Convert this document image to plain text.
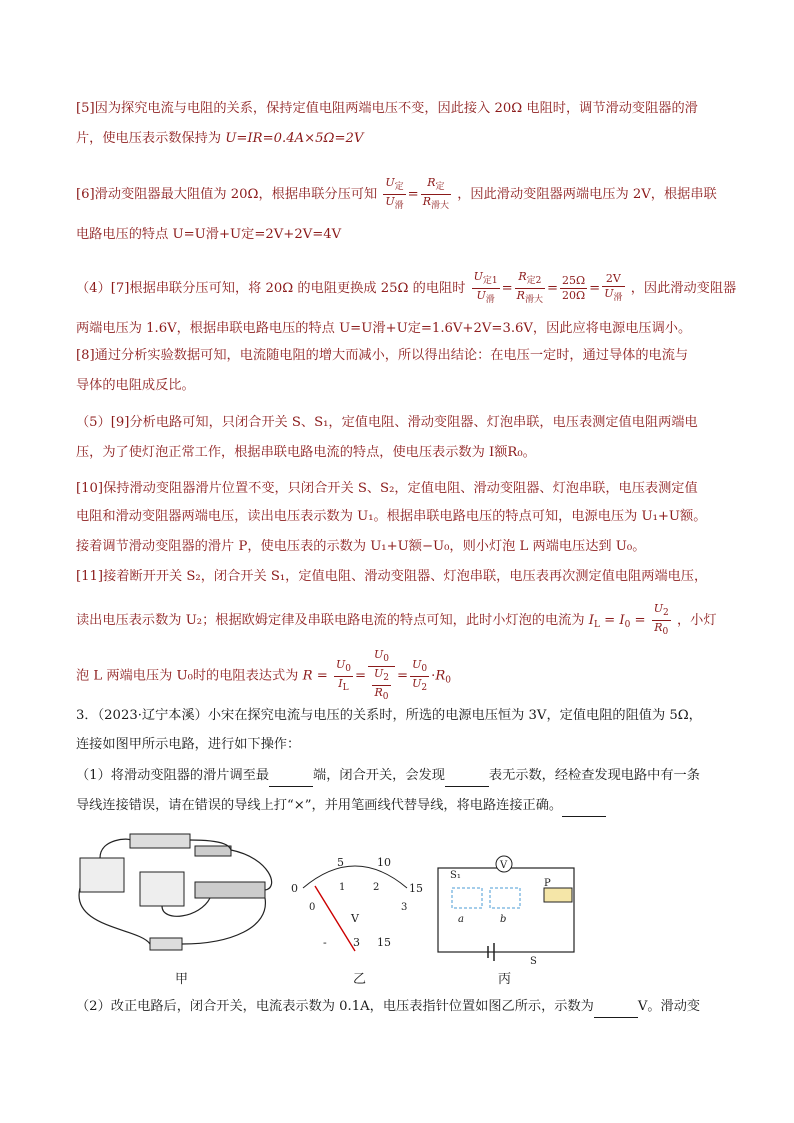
[5]因为探究电流与电阻的关系，保持定值电阻两端电压不变，因此接入 20Ω 电阻时，调节滑动变阻器的滑
片，使电压表示数保持为 U=IR=0.4A×5Ω=2V
[6]滑动变阻器最大阻值为 20Ω，根据串联分压可知 $\frac{U_定}{U_滑} = \frac{R_定}{R_{滑大}}$ ，因此滑动变阻器两端电压为 2V，根据串联
电路电压的特点 U=U滑+U定=2V+2V=4V
（4）[7]根据串联分压可知，将 20Ω 的电阻更换成 25Ω 的电阻时 $\frac{U_{定1}}{U_滑} = \frac{R_{定2}}{R_{滑大}} = \frac{25\Omega}{20\Omega} = \frac{2V}{U_滑}$ ，因此滑动变阻器
两端电压为 1.6V，根据串联电路电压的特点 U=U滑+U定=1.6V+2V=3.6V，因此应将电源电压调小。
[8]通过分析实验数据可知，电流随电阻的增大而减小，所以得出结论：在电压一定时，通过导体的电流与
导体的电阻成反比。
（5）[9]分析电路可知，只闭合开关 S、S₁，定值电阻、滑动变阻器、灯泡串联，电压表测定值电阻两端电
压，为了使灯泡正常工作，根据串联电路电流的特点，使电压表示数为 I额R₀。
[10]保持滑动变阻器滑片位置不变，只闭合开关 S、S₂，定值电阻、滑动变阻器、灯泡串联，电压表测定值
电阻和滑动变阻器两端电压，读出电压表示数为 U₁。根据串联电路电压的特点可知，电源电压为 U₁+U额。
接着调节滑动变阻器的滑片 P，使电压表的示数为 U₁+U额−U₀，则小灯泡 L 两端电压达到 U₀。
[11]接着断开开关 S₂，闭合开关 S₁，定值电阻、滑动变阻器、灯泡串联，电压表再次测定值电阻两端电压，
读出电压表示数为 U₂；根据欧姆定律及串联电路电流的特点可知，此时小灯泡的电流为 $I_L = I_0 = \frac{U_2}{R_0}$ ，小灯
泡 L 两端电压为 U₀时的电阻表达式为 $R = \frac{U_0}{I_L} = \frac{U_0}{\frac{U_2}{R_0}} = \frac{U_0}{U_2} \cdot R_0$
3．（2023·辽宁本溪）小宋在探究电流与电压的关系时，所选的电源电压恒为 3V，定值电阻的阻值为 5Ω，
连接如图甲所示电路，进行如下操作：
（1）将滑动变阻器的滑片调至最	端，闭合开关，会发现	表无示数，经检查发现电路中有一条
导线连接错误，请在错误的导线上打“×”，并用笔画线代替导线，将电路连接正确。
5	10
0	15
0
1	2
3
V
- 3 15
V
S₁
a	b
P
S
甲	乙	丙
（2）改正电路后，闭合开关，电流表示数为 0.1A，电压表指针位置如图乙所示，示数为	V。滑动变
